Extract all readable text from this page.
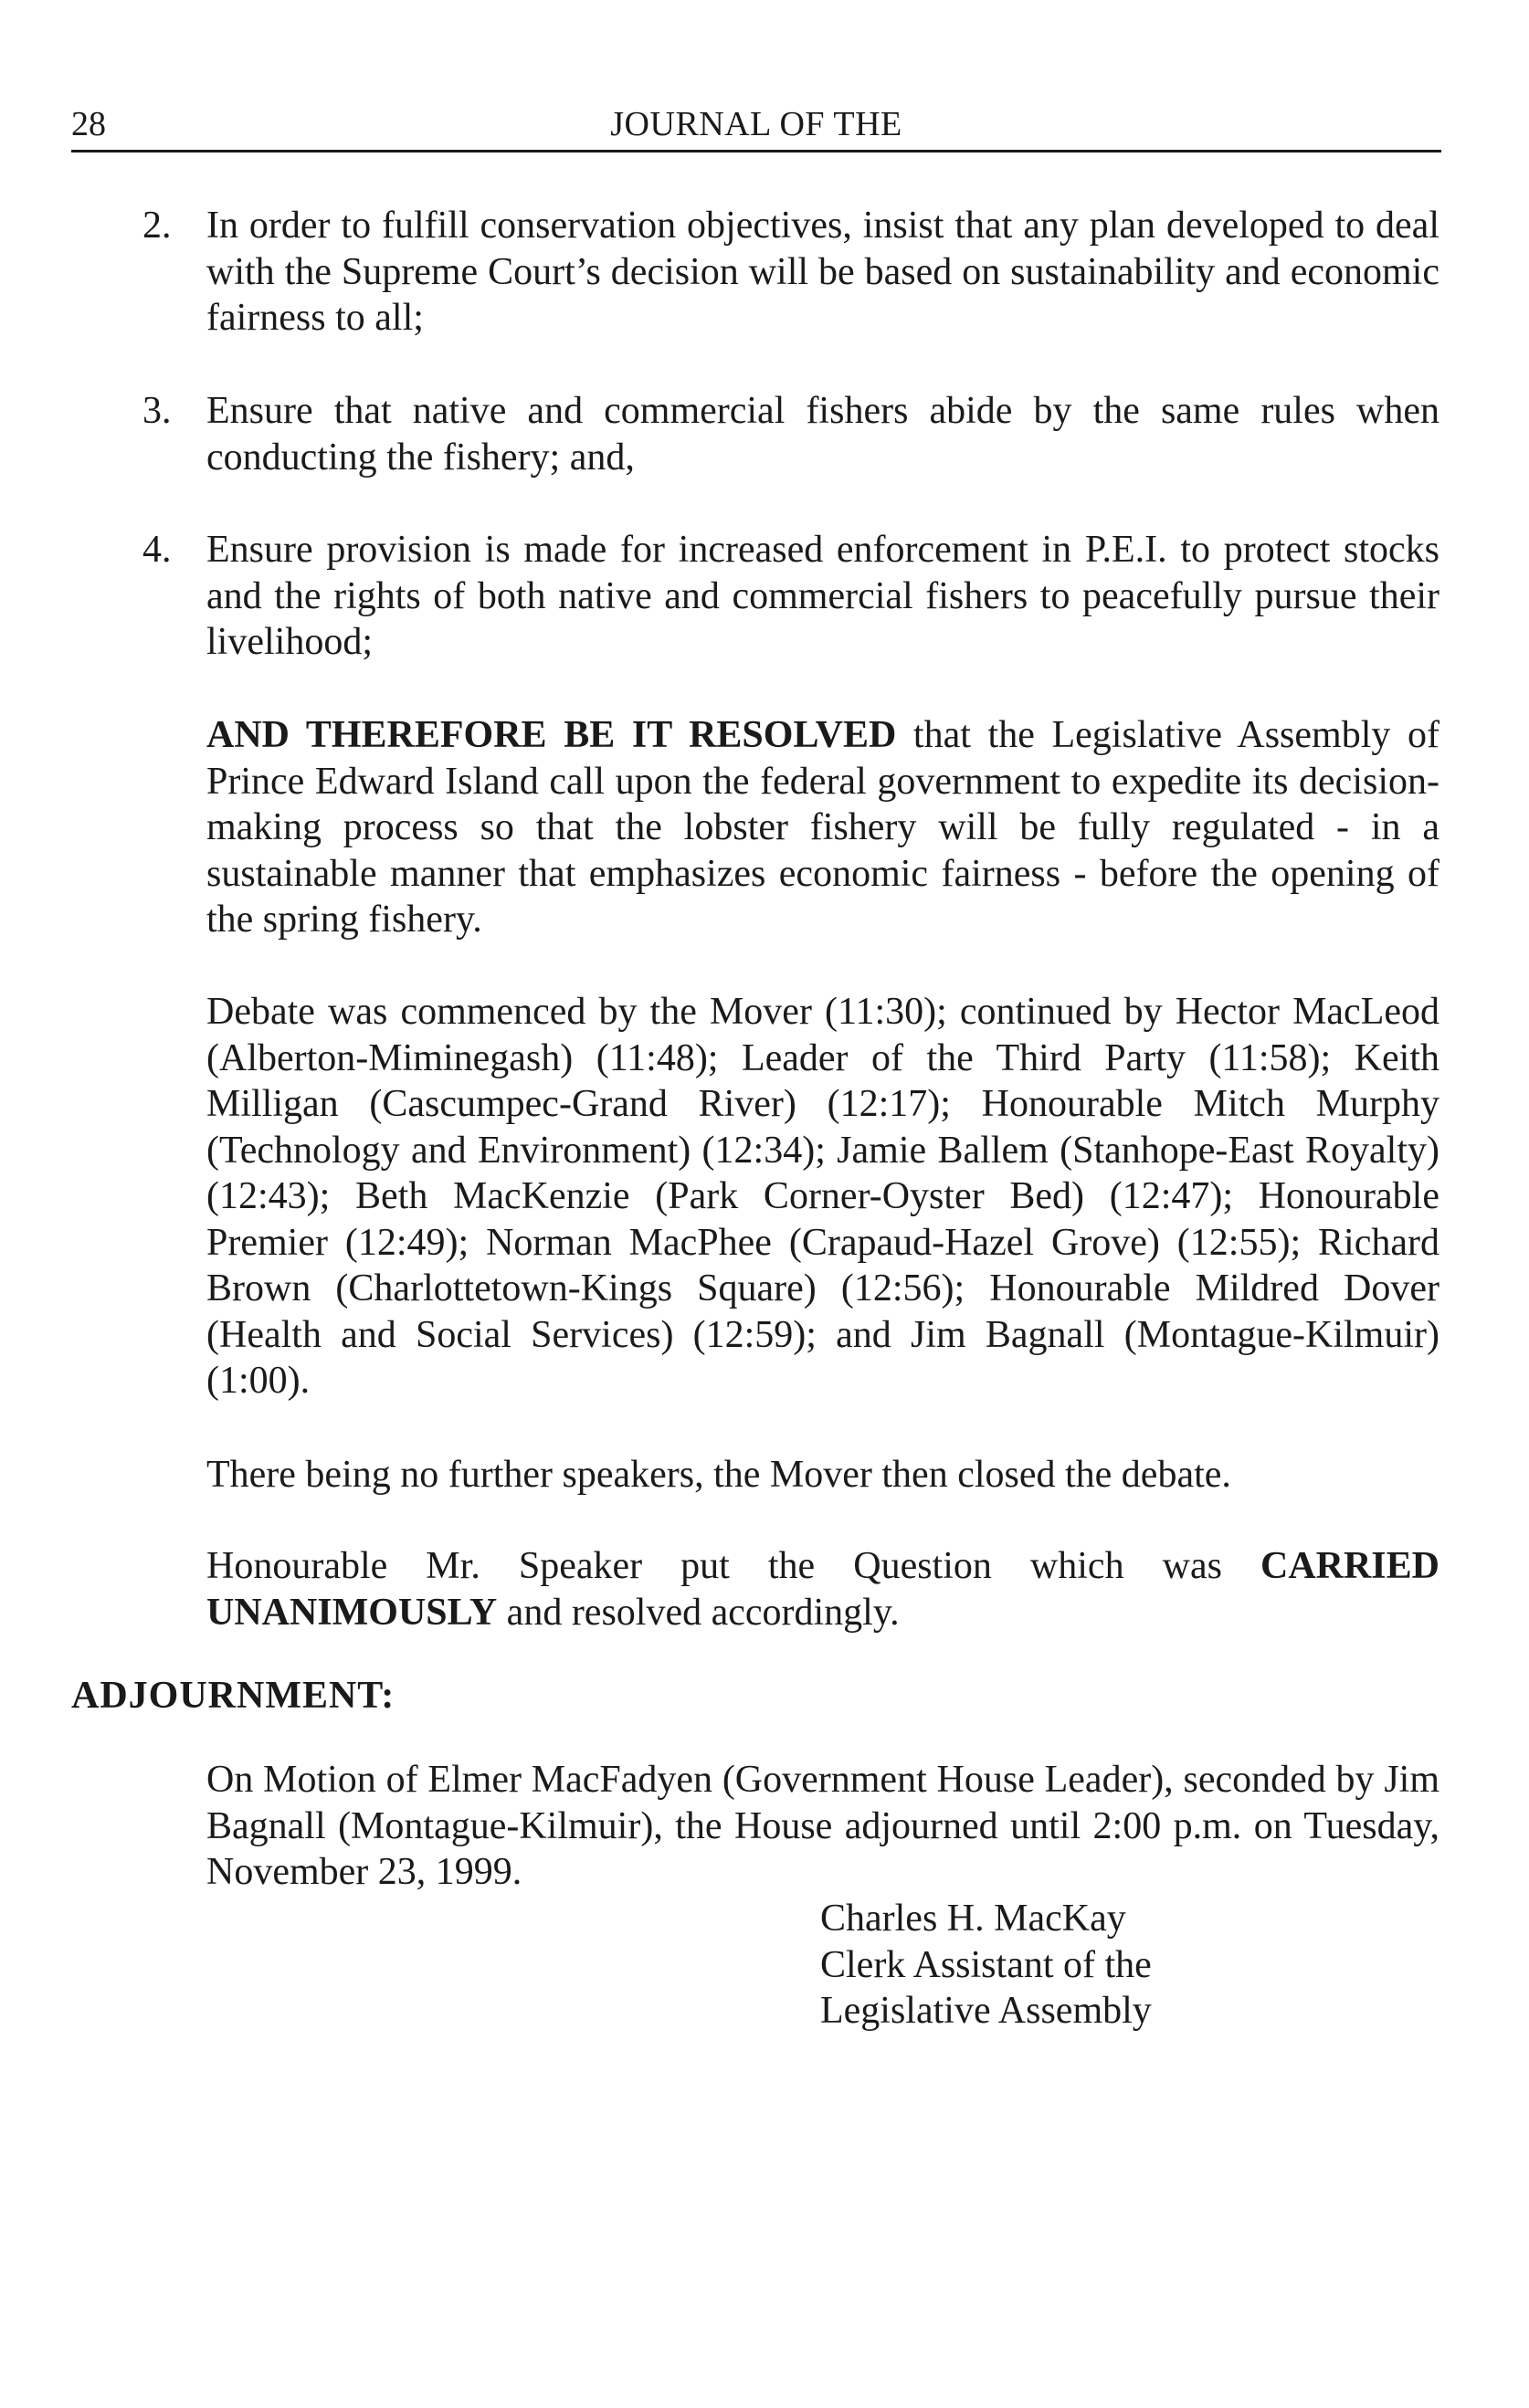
28	JOURNAL OF THE
2. In order to fulfill conservation objectives, insist that any plan developed to deal with the Supreme Court’s decision will be based on sustainability and economic fairness to all;
3. Ensure that native and commercial fishers abide by the same rules when conducting the fishery; and,
4. Ensure provision is made for increased enforcement in P.E.I. to protect stocks and the rights of both native and commercial fishers to peacefully pursue their livelihood;
AND THEREFORE BE IT RESOLVED that the Legislative Assembly of Prince Edward Island call upon the federal government to expedite its decision-making process so that the lobster fishery will be fully regulated - in a sustainable manner that emphasizes economic fairness - before the opening of the spring fishery.
Debate was commenced by the Mover (11:30); continued by Hector MacLeod (Alberton-Miminegash) (11:48); Leader of the Third Party (11:58); Keith Milligan (Cascumpec-Grand River) (12:17); Honourable Mitch Murphy (Technology and Environment) (12:34); Jamie Ballem (Stanhope-East Royalty) (12:43); Beth MacKenzie (Park Corner-Oyster Bed) (12:47); Honourable Premier (12:49); Norman MacPhee (Crapaud-Hazel Grove) (12:55); Richard Brown (Charlottetown-Kings Square) (12:56); Honourable Mildred Dover (Health and Social Services) (12:59); and Jim Bagnall (Montague-Kilmuir) (1:00).
There being no further speakers, the Mover then closed the debate.
Honourable Mr. Speaker put the Question which was CARRIED UNANIMOUSLY and resolved accordingly.
ADJOURNMENT:
On Motion of Elmer MacFadyen (Government House Leader), seconded by Jim Bagnall (Montague-Kilmuir), the House adjourned until 2:00 p.m. on Tuesday, November 23, 1999.
Charles H. MacKay
Clerk Assistant of the
Legislative Assembly
